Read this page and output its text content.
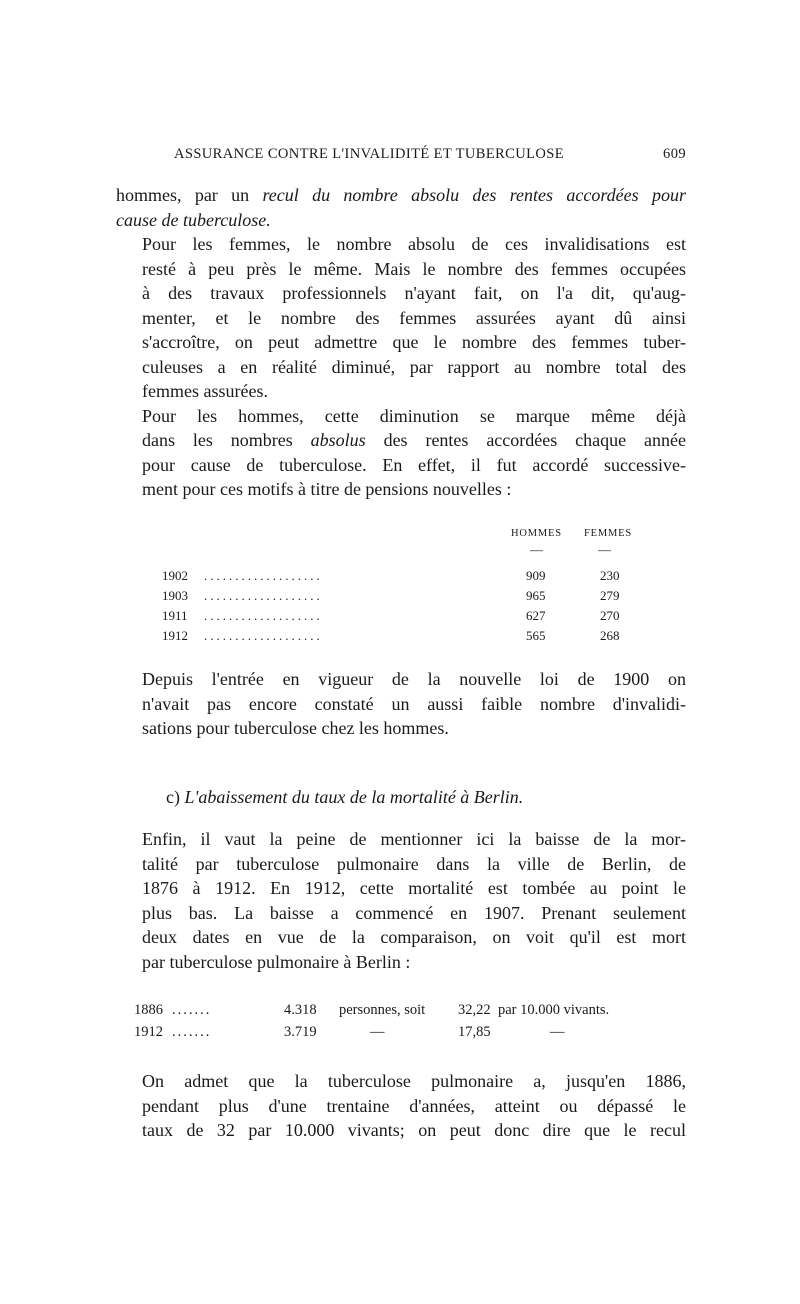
ASSURANCE CONTRE L'INVALIDITÉ ET TUBERCULOSE	609

hommes, par un recul du nombre absolu des rentes accordées pour
cause de tuberculose.

Pour les femmes, le nombre absolu de ces invalidisations est
resté à peu près le même. Mais le nombre des femmes occupées
à des travaux professionnels n'ayant fait, on l'a dit, qu'aug-
menter, et le nombre des femmes assurées ayant dû ainsi
s'accroître, on peut admettre que le nombre des femmes tuber-
culeuses a en réalité diminué, par rapport au nombre total des
femmes assurées.

Pour les hommes, cette diminution se marque même déjà
dans les nombres absolus des rentes accordées chaque année
pour cause de tuberculose. En effet, il fut accordé successive-
ment pour ces motifs à titre de pensions nouvelles :

HOMMES FEMMES
—	—
1902 ...................	909	230
1903 ...................	965	279
1911 ...................	627	270
1912 ...................	565	268

Depuis l'entrée en vigueur de la nouvelle loi de 1900 on
n'avait pas encore constaté un aussi faible nombre d'invalidi-
sations pour tuberculose chez les hommes.

c) L'abaissement du taux de la mortalité à Berlin.

Enfin, il vaut la peine de mentionner ici la baisse de la mor-
talité par tuberculose pulmonaire dans la ville de Berlin, de
1876 à 1912. En 1912, cette mortalité est tombée au point le
plus bas. La baisse a commencé en 1907. Prenant seulement
deux dates en vue de la comparaison, on voit qu'il est mort
par tuberculose pulmonaire à Berlin :

1886 .......	4.318 personnes, soit 32,22 par 10.000 vivants.
1912 .......	3.719	—	17,85	—

On admet que la tuberculose pulmonaire a, jusqu'en 1886,
pendant plus d'une trentaine d'années, atteint ou dépassé le
taux de 32 par 10.000 vivants; on peut donc dire que le recul
